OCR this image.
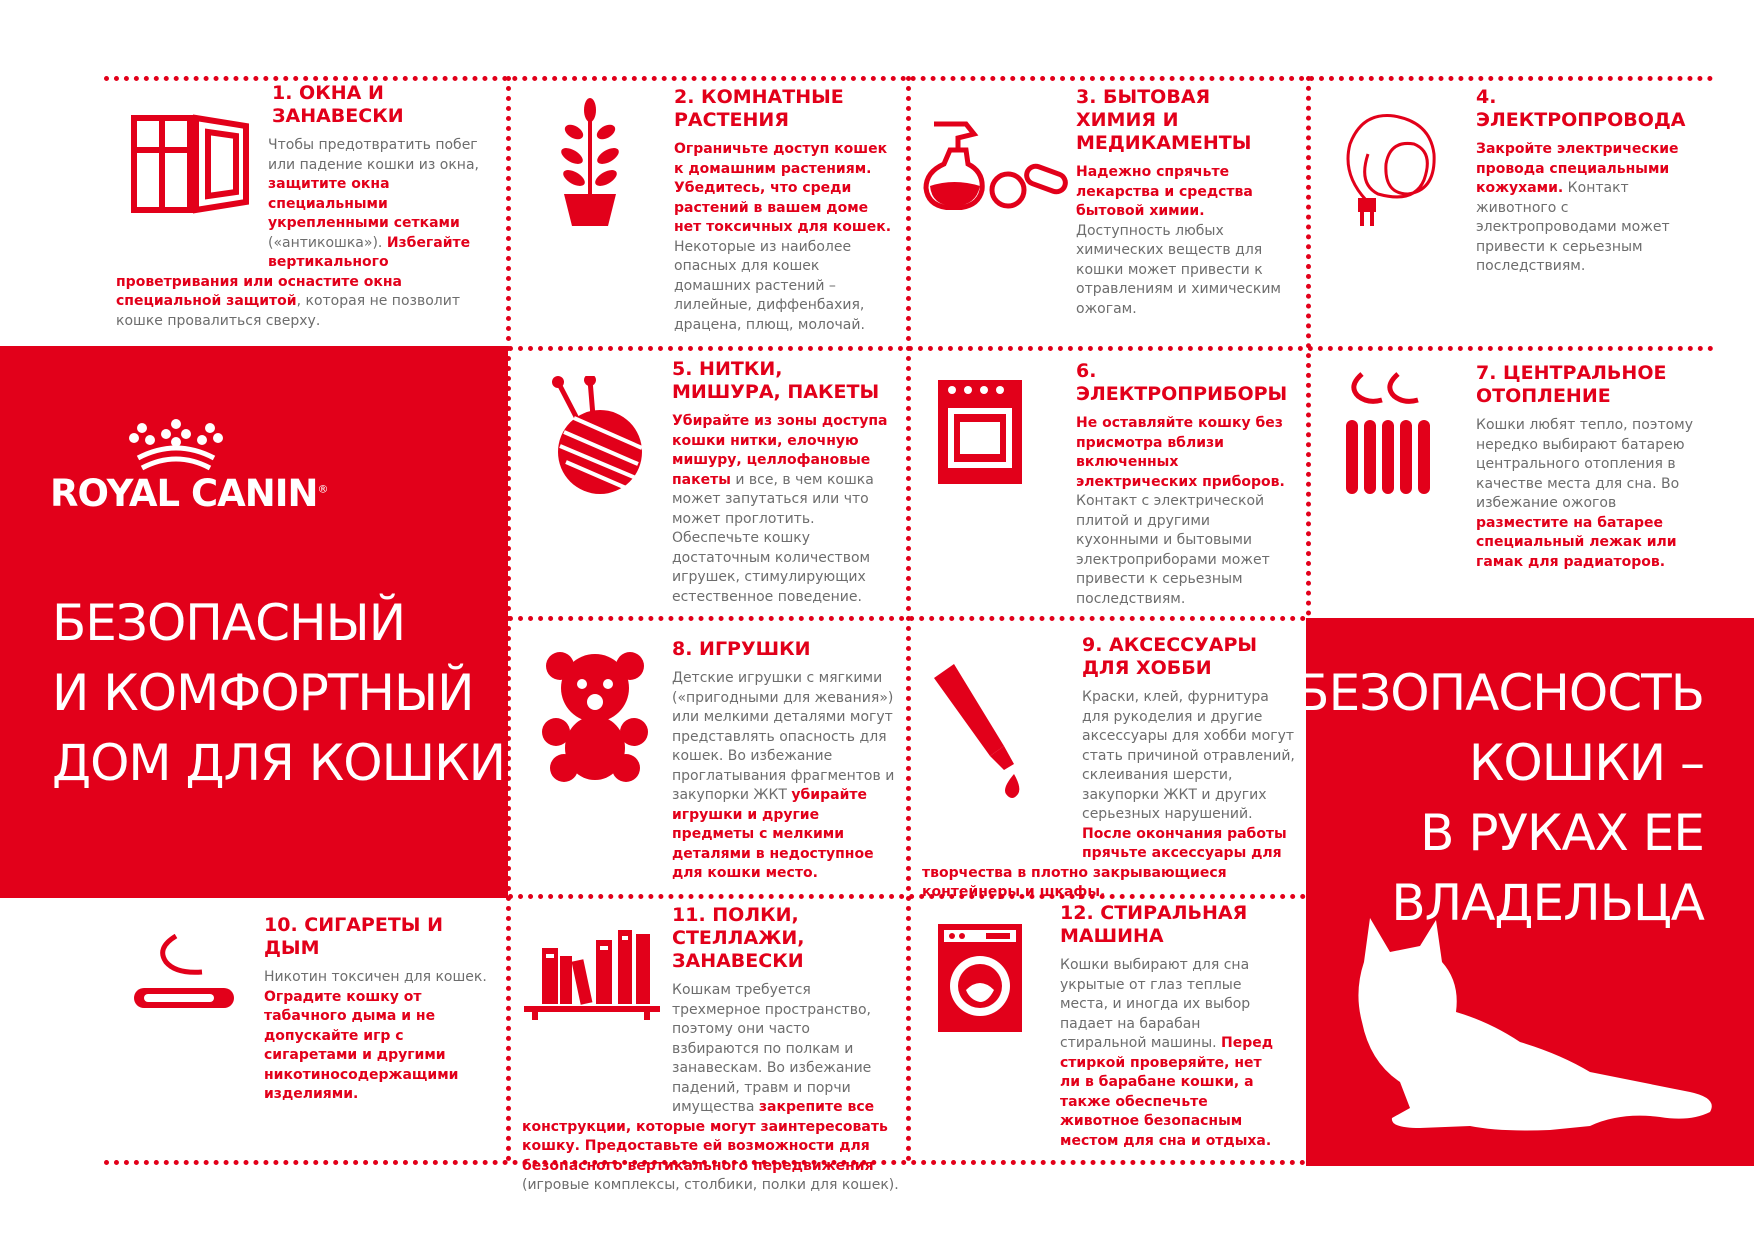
ROYAL CANIN®
БЕЗОПАСНЫЙ
И КОМФОРТНЫЙ
ДОМ ДЛЯ КОШКИ
БЕЗОПАСНОСТЬ
КОШКИ –
В РУКАХ ЕЕ
ВЛАДЕЛЬЦА
1. ОКНА И ЗАНАВЕСКИ
Чтобы предотвратить побег или падение кошки из окна, защитите окна специальными укрепленными сетками («антикошка»). Избегайте вертикального проветривания или оснастите окна специальной защитой, которая не позволит кошке провалиться сверху.
2. КОМНАТНЫЕ РАСТЕНИЯ
Ограничьте доступ кошек к домашним растениям. Убедитесь, что среди растений в вашем доме нет токсичных для кошек. Некоторые из наиболее опасных для кошек домашних растений – лилейные, диффенбахия, драцена, плющ, молочай.
3. БЫТОВАЯ ХИМИЯ И МЕДИКАМЕНТЫ
Надежно спрячьте лекарства и средства бытовой химии. Доступность любых химических веществ для кошки может привести к отравлениям и химическим ожогам.
4. ЭЛЕКТРОПРОВОДА
Закройте электрические провода специальными кожухами. Контакт животного с электропроводами может привести к серьезным последствиям.
5. НИТКИ, МИШУРА, ПАКЕТЫ
Убирайте из зоны доступа кошки нитки, елочную мишуру, целлофановые пакеты и все, в чем кошка может запутаться или что может проглотить. Обеспечьте кошку достаточным количеством игрушек, стимулирующих естественное поведение.
6. ЭЛЕКТРОПРИБОРЫ
Не оставляйте кошку без присмотра вблизи включенных электрических приборов. Контакт с электрической плитой и другими кухонными и бытовыми электроприборами может привести к серьезным последствиям.
7. ЦЕНТРАЛЬНОЕ ОТОПЛЕНИЕ
Кошки любят тепло, поэтому нередко выбирают батарею центрального отопления в качестве места для сна. Во избежание ожогов разместите на батарее специальный лежак или гамак для радиаторов.
8. ИГРУШКИ
Детские игрушки с мягкими («пригодными для жевания») или мелкими деталями могут представлять опасность для кошек. Во избежание проглатывания фрагментов и закупорки ЖКТ убирайте игрушки и другие предметы с мелкими деталями в недоступное для кошки место.
9. АКСЕССУАРЫ ДЛЯ ХОББИ
Краски, клей, фурнитура для рукоделия и другие аксессуары для хобби могут стать причиной отравлений, склеивания шерсти, закупорки ЖКТ и других серьезных нарушений. После окончания работы прячьте аксессуары для творчества в плотно закрывающиеся контейнеры и шкафы.
10. СИГАРЕТЫ И ДЫМ
Никотин токсичен для кошек. Оградите кошку от табачного дыма и не допускайте игр с сигаретами и другими никотиносодержащими изделиями.
11. ПОЛКИ, СТЕЛЛАЖИ, ЗАНАВЕСКИ
Кошкам требуется трехмерное пространство, поэтому они часто взбираются по полкам и занавескам. Во избежание падений, травм и порчи имущества закрепите все конструкции, которые могут заинтересовать кошку. Предоставьте ей возможности для безопасного вертикального передвижения (игровые комплексы, столбики, полки для кошек).
12. СТИРАЛЬНАЯ МАШИНА
Кошки выбирают для сна укрытые от глаз теплые места, и иногда их выбор падает на барабан стиральной машины. Перед стиркой проверяйте, нет ли в барабане кошки, а также обеспечьте животное безопасным местом для сна и отдыха.
